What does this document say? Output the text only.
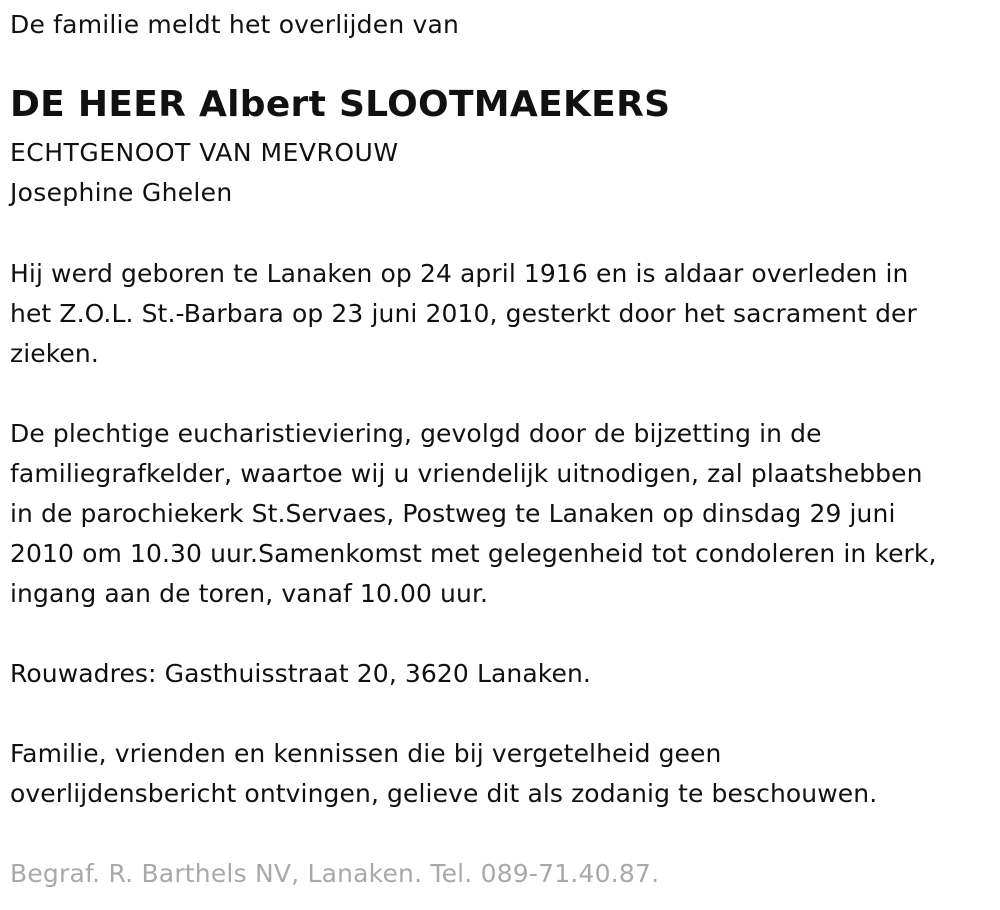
De familie meldt het overlijden van
DE HEER Albert SLOOTMAEKERS
ECHTGENOOT VAN MEVROUW
Josephine Ghelen
Hij werd geboren te Lanaken op 24 april 1916 en is aldaar overleden in
het Z.O.L. St.-Barbara op 23 juni 2010, gesterkt door het sacrament der
zieken.
De plechtige eucharistieviering, gevolgd door de bijzetting in de
familiegrafkelder, waartoe wij u vriendelijk uitnodigen, zal plaatshebben
in de parochiekerk St.Servaes, Postweg te Lanaken op dinsdag 29 juni
2010 om 10.30 uur.Samenkomst met gelegenheid tot condoleren in kerk,
ingang aan de toren, vanaf 10.00 uur.
Rouwadres: Gasthuisstraat 20, 3620 Lanaken.
Familie, vrienden en kennissen die bij vergetelheid geen
overlijdensbericht ontvingen, gelieve dit als zodanig te beschouwen.
Begraf. R. Barthels NV, Lanaken. Tel. 089-71.40.87.
